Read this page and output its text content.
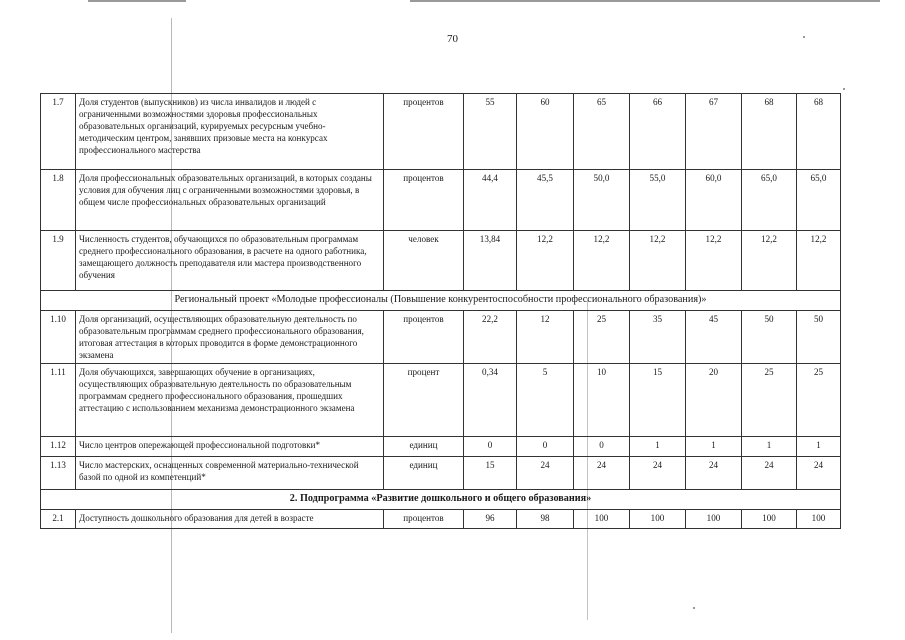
70
1.7	Доля студентов (выпускников) из числа инвалидов и людей с ограниченными возможностями здоровья профессиональных образовательных организаций, курируемых ресурсным учебно-методическим центром, занявших призовые места на конкурсах профессионального мастерства	процентов	55	60	65	66	67	68	68
1.8	Доля профессиональных образовательных организаций, в которых созданы условия для обучения лиц с ограниченными возможностями здоровья, в общем числе профессиональных образовательных организаций	процентов	44,4	45,5	50,0	55,0	60,0	65,0	65,0
1.9	Численность студентов, обучающихся по образовательным программам среднего профессионального образования, в расчете на одного работника, замещающего должность преподавателя или мастера производственного обучения	человек	13,84	12,2	12,2	12,2	12,2	12,2	12,2
Региональный проект «Молодые профессионалы (Повышение конкурентоспособности профессионального образования)»									
1.10	Доля организаций, осуществляющих образовательную деятельность по образовательным программам среднего профессионального образования, итоговая аттестация в которых проводится в форме демонстрационного экзамена	процентов	22,2	12	25	35	45	50	50
1.11	Доля обучающихся, завершающих обучение в организациях, осуществляющих образовательную деятельность по образовательным программам среднего профессионального образования, прошедших аттестацию с использованием механизма демонстрационного экзамена	процент	0,34	5	10	15	20	25	25
1.12	Число центров опережающей профессиональной подготовки*	единиц	0	0	0	1	1	1	1
1.13	Число мастерских, оснащенных современной материально-технической базой по одной из компетенций*	единиц	15	24	24	24	24	24	24
2. Подпрограмма «Развитие дошкольного и общего образования»									
2.1	Доступность дошкольного образования для детей в возрасте	процентов	96	98	100	100	100	100	100
